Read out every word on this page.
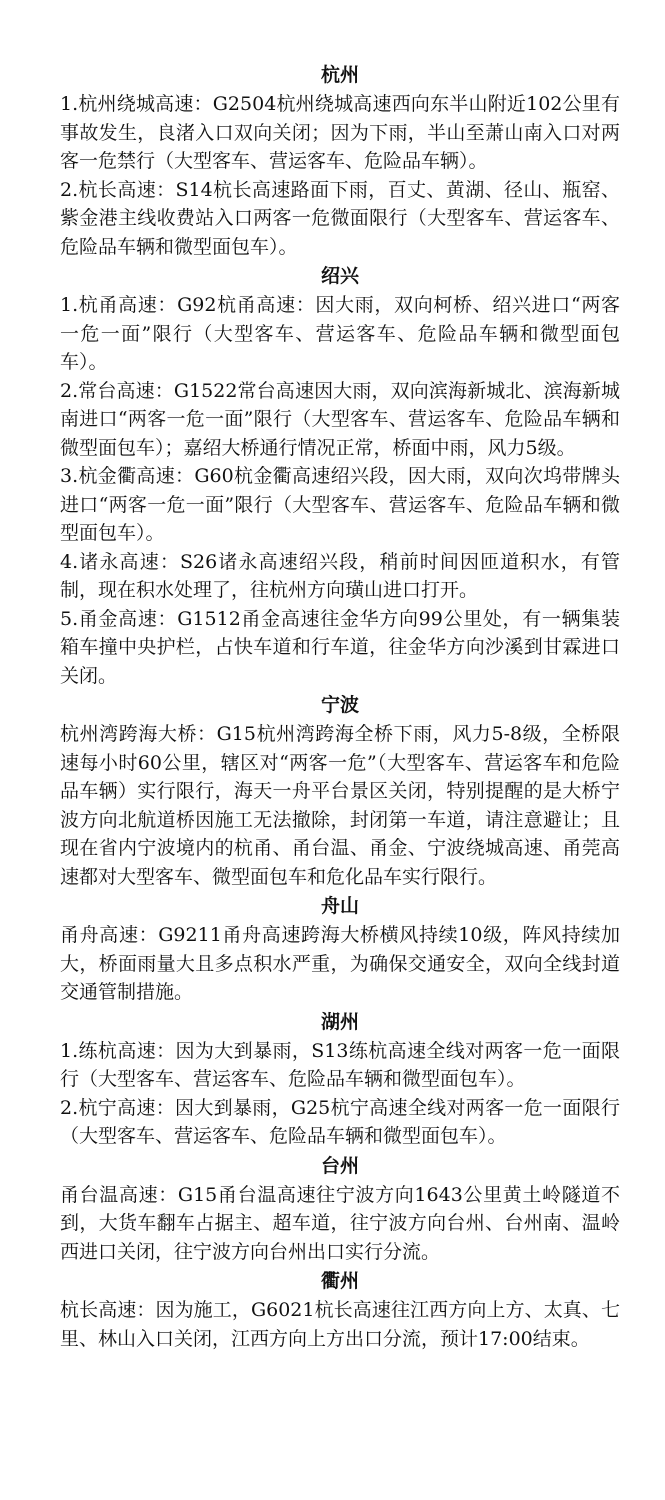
杭州
1.杭州绕城高速：G2504杭州绕城高速西向东半山附近102公里有事故发生，良渚入口双向关闭；因为下雨，半山至萧山南入口对两客一危禁行（大型客车、营运客车、危险品车辆）。
2.杭长高速：S14杭长高速路面下雨，百丈、黄湖、径山、瓶窑、紫金港主线收费站入口两客一危微面限行（大型客车、营运客车、危险品车辆和微型面包车）。
绍兴
1.杭甬高速：G92杭甬高速：因大雨，双向柯桥、绍兴进口“两客一危一面”限行（大型客车、营运客车、危险品车辆和微型面包车）。
2.常台高速：G1522常台高速因大雨，双向滨海新城北、滨海新城南进口“两客一危一面”限行（大型客车、营运客车、危险品车辆和微型面包车）；嘉绍大桥通行情况正常，桥面中雨，风力5级。
3.杭金衢高速：G60杭金衢高速绍兴段，因大雨，双向次坞带牌头进口“两客一危一面”限行（大型客车、营运客车、危险品车辆和微型面包车）。
4.诸永高速：S26诸永高速绍兴段，稍前时间因匝道积水，有管制，现在积水处理了，往杭州方向璜山进口打开。
5.甬金高速：G1512甬金高速往金华方向99公里处，有一辆集装箱车撞中央护栏，占快车道和行车道，往金华方向沙溪到甘霖进口关闭。
宁波
杭州湾跨海大桥：G15杭州湾跨海全桥下雨，风力5-8级，全桥限速每小时60公里，辖区对“两客一危”（大型客车、营运客车和危险品车辆）实行限行，海天一舟平台景区关闭，特别提醒的是大桥宁波方向北航道桥因施工无法撤除，封闭第一车道，请注意避让；且现在省内宁波境内的杭甬、甬台温、甬金、宁波绕城高速、甬莞高速都对大型客车、微型面包车和危化品车实行限行。
舟山
甬舟高速：G9211甬舟高速跨海大桥横风持续10级，阵风持续加大，桥面雨量大且多点积水严重，为确保交通安全，双向全线封道交通管制措施。
湖州
1.练杭高速：因为大到暴雨，S13练杭高速全线对两客一危一面限行（大型客车、营运客车、危险品车辆和微型面包车）。
2.杭宁高速：因大到暴雨，G25杭宁高速全线对两客一危一面限行（大型客车、营运客车、危险品车辆和微型面包车）。
台州
甬台温高速：G15甬台温高速往宁波方向1643公里黄土岭隧道不到，大货车翻车占据主、超车道，往宁波方向台州、台州南、温岭西进口关闭，往宁波方向台州出口实行分流。
衢州
杭长高速：因为施工，G6021杭长高速往江西方向上方、太真、七里、林山入口关闭，江西方向上方出口分流，预计17:00结束。
